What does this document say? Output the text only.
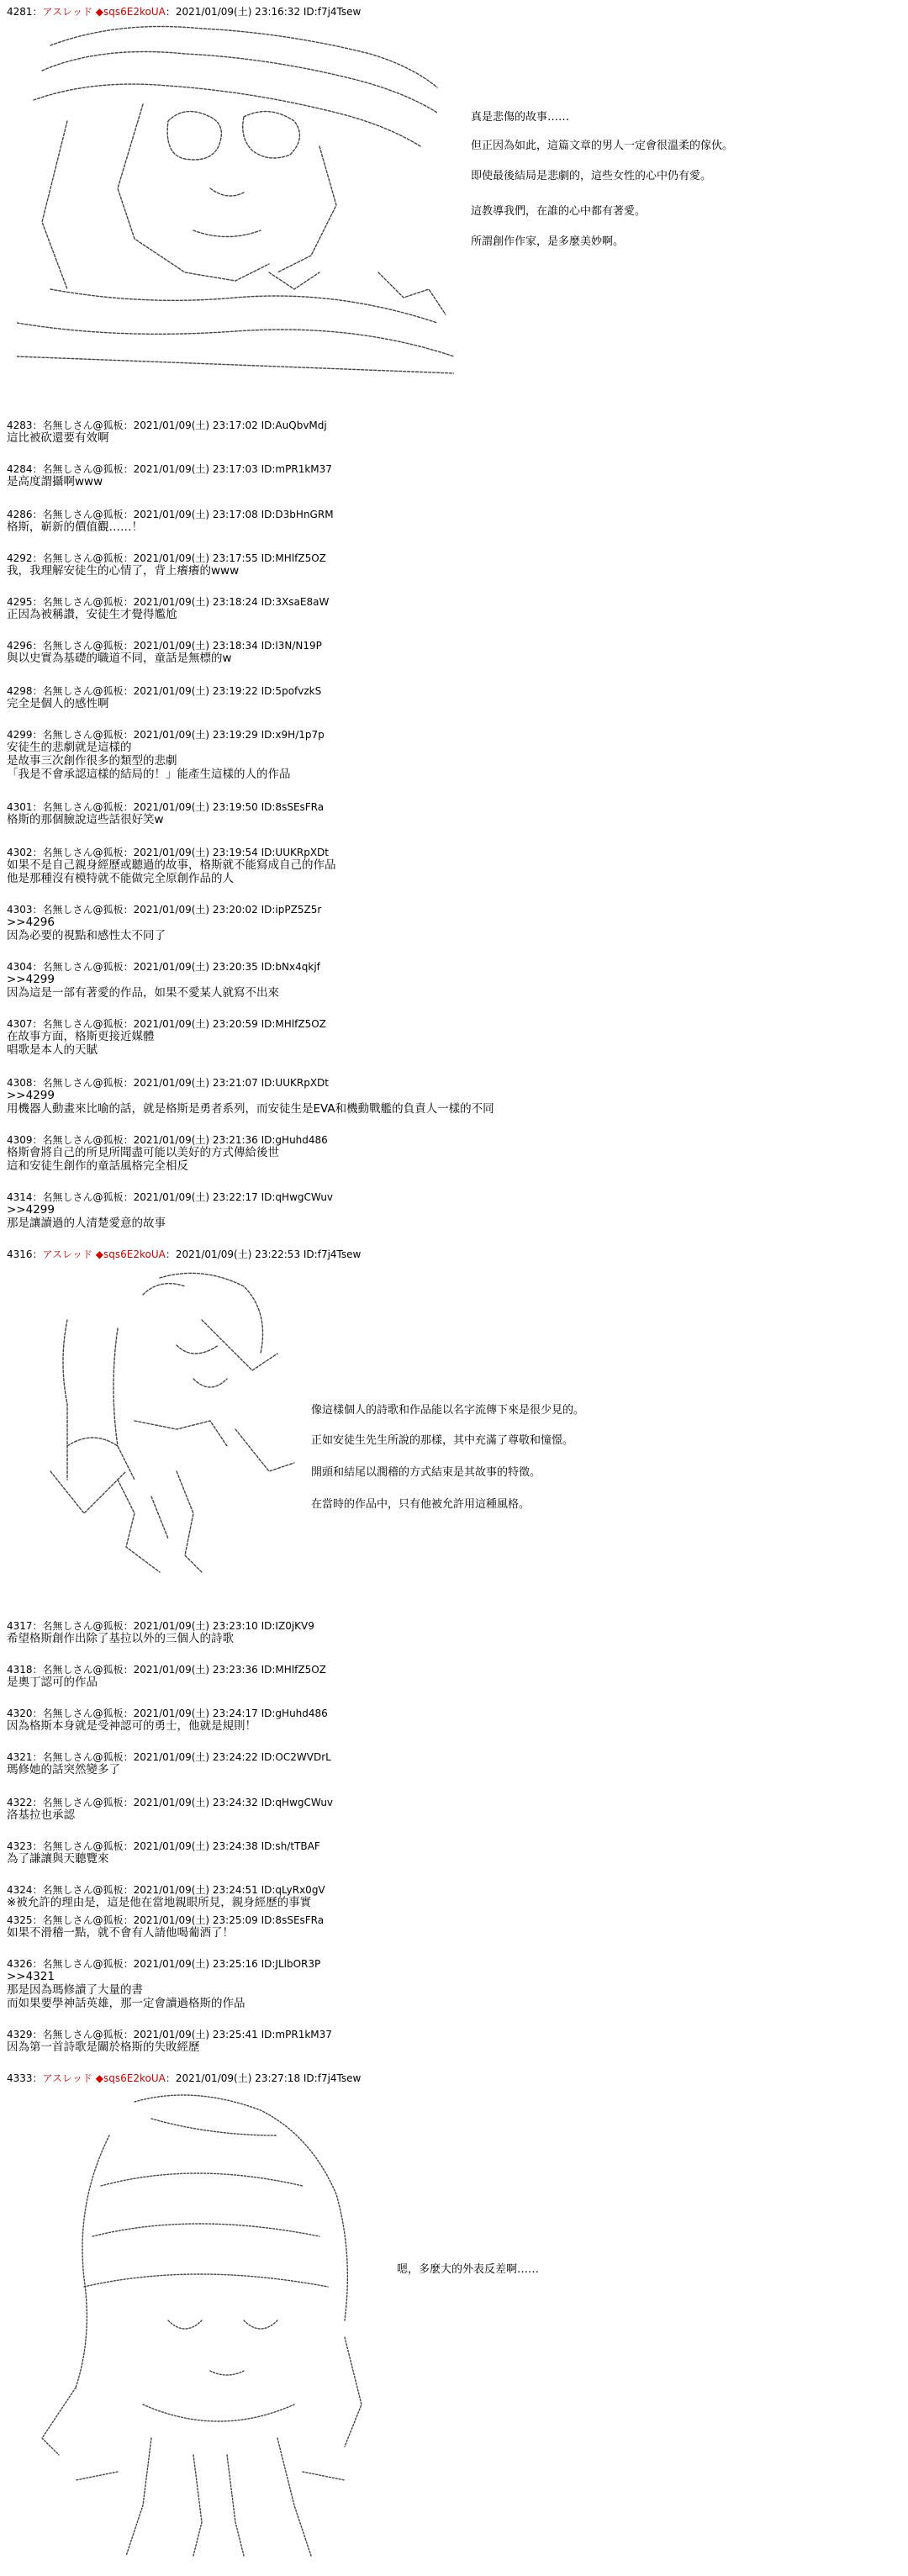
4281：アスレッド ◆sqs6E2koUA：2021/01/09(土) 23:16:32 ID:f7j4Tsew
真是悲傷的故事……
但正因為如此，這篇文章的男人一定會很溫柔的傢伙。
即使最後結局是悲劇的，這些女性的心中仍有愛。
這教導我們，在誰的心中都有著愛。
所謂創作作家，是多麼美妙啊。
4283：名無しさん@狐板：2021/01/09(土) 23:17:02 ID:AuQbvMdj
這比被砍還要有效啊
4284：名無しさん@狐板：2021/01/09(土) 23:17:03 ID:mPR1kM37
是高度謂攝啊www
4286：名無しさん@狐板：2021/01/09(土) 23:17:08 ID:D3bHnGRM
格斯，嶄新的價值觀……！
4292：名無しさん@狐板：2021/01/09(土) 23:17:55 ID:MHlfZ5OZ
我，我理解安徒生的心情了，背上癢癢的www
4295：名無しさん@狐板：2021/01/09(土) 23:18:24 ID:3XsaE8aW
正因為被稱讚，安徒生才覺得尷尬
4296：名無しさん@狐板：2021/01/09(土) 23:18:34 ID:l3N/N19P
與以史實為基礎的職道不同，童話是無標的w
4298：名無しさん@狐板：2021/01/09(土) 23:19:22 ID:5pofvzkS
完全是個人的感性啊
4299：名無しさん@狐板：2021/01/09(土) 23:19:29 ID:x9H/1p7p
安徒生的悲劇就是這樣的
是故事三次創作很多的類型的悲劇
「我是不會承認這樣的結局的！」能產生這樣的人的作品
4301：名無しさん@狐板：2021/01/09(土) 23:19:50 ID:8sSEsFRa
格斯的那個臉說這些話很好笑w
4302：名無しさん@狐板：2021/01/09(土) 23:19:54 ID:UUKRpXDt
如果不是自己親身經歷或聽過的故事，格斯就不能寫成自己的作品
他是那種沒有模特就不能做完全原創作品的人
4303：名無しさん@狐板：2021/01/09(土) 23:20:02 ID:ipPZ5Z5r
>>4296
因為必要的視點和感性太不同了
4304：名無しさん@狐板：2021/01/09(土) 23:20:35 ID:bNx4qkjf
>>4299
因為這是一部有著愛的作品，如果不愛某人就寫不出來
4307：名無しさん@狐板：2021/01/09(土) 23:20:59 ID:MHlfZ5OZ
在故事方面，格斯更接近媒體
唱歌是本人的天賦
4308：名無しさん@狐板：2021/01/09(土) 23:21:07 ID:UUKRpXDt
>>4299
用機器人動畫來比喻的話，就是格斯是勇者系列，而安徒生是EVA和機動戰艦的負責人一樣的不同
4309：名無しさん@狐板：2021/01/09(土) 23:21:36 ID:gHuhd486
格斯會將自己的所見所聞盡可能以美好的方式傳給後世
這和安徒生創作的童話風格完全相反
4314：名無しさん@狐板：2021/01/09(土) 23:22:17 ID:qHwgCWuv
>>4299
那是讓讀過的人清楚愛意的故事
4316：アスレッド ◆sqs6E2koUA：2021/01/09(土) 23:22:53 ID:f7j4Tsew
像這樣個人的詩歌和作品能以名字流傳下來是很少見的。
正如安徒生先生所說的那樣，其中充滿了尊敬和憧憬。
開頭和結尾以潤稽的方式結束是其故事的特徵。
在當時的作品中，只有他被允許用這種風格。
4317：名無しさん@狐板：2021/01/09(土) 23:23:10 ID:IZ0jKV9
希望格斯創作出除了基拉以外的三個人的詩歌
4318：名無しさん@狐板：2021/01/09(土) 23:23:36 ID:MHlfZ5OZ
是奧丁認可的作品
4320：名無しさん@狐板：2021/01/09(土) 23:24:17 ID:gHuhd486
因為格斯本身就是受神認可的勇士，他就是規則！
4321：名無しさん@狐板：2021/01/09(土) 23:24:22 ID:OC2WVDrL
瑪修她的話突然變多了
4322：名無しさん@狐板：2021/01/09(土) 23:24:32 ID:qHwgCWuv
洛基拉也承認
4323：名無しさん@狐板：2021/01/09(土) 23:24:38 ID:sh/tTBAF
為了謙讓與天聽覽來
4324：名無しさん@狐板：2021/01/09(土) 23:24:51 ID:qLyRx0gV
※被允許的理由是，這是他在當地親眼所見，親身經歷的事實
4325：名無しさん@狐板：2021/01/09(土) 23:25:09 ID:8sSEsFRa
如果不滑稽一點，就不會有人請他喝葡酒了！
4326：名無しさん@狐板：2021/01/09(土) 23:25:16 ID:JLlbOR3P
>>4321
那是因為瑪修讀了大量的書
而如果要學神話英雄，那一定會讀過格斯的作品
4329：名無しさん@狐板：2021/01/09(土) 23:25:41 ID:mPR1kM37
因為第一首詩歌是關於格斯的失敗經歷
4333：アスレッド ◆sqs6E2koUA：2021/01/09(土) 23:27:18 ID:f7j4Tsew
嗯，多麼大的外表反差啊……
